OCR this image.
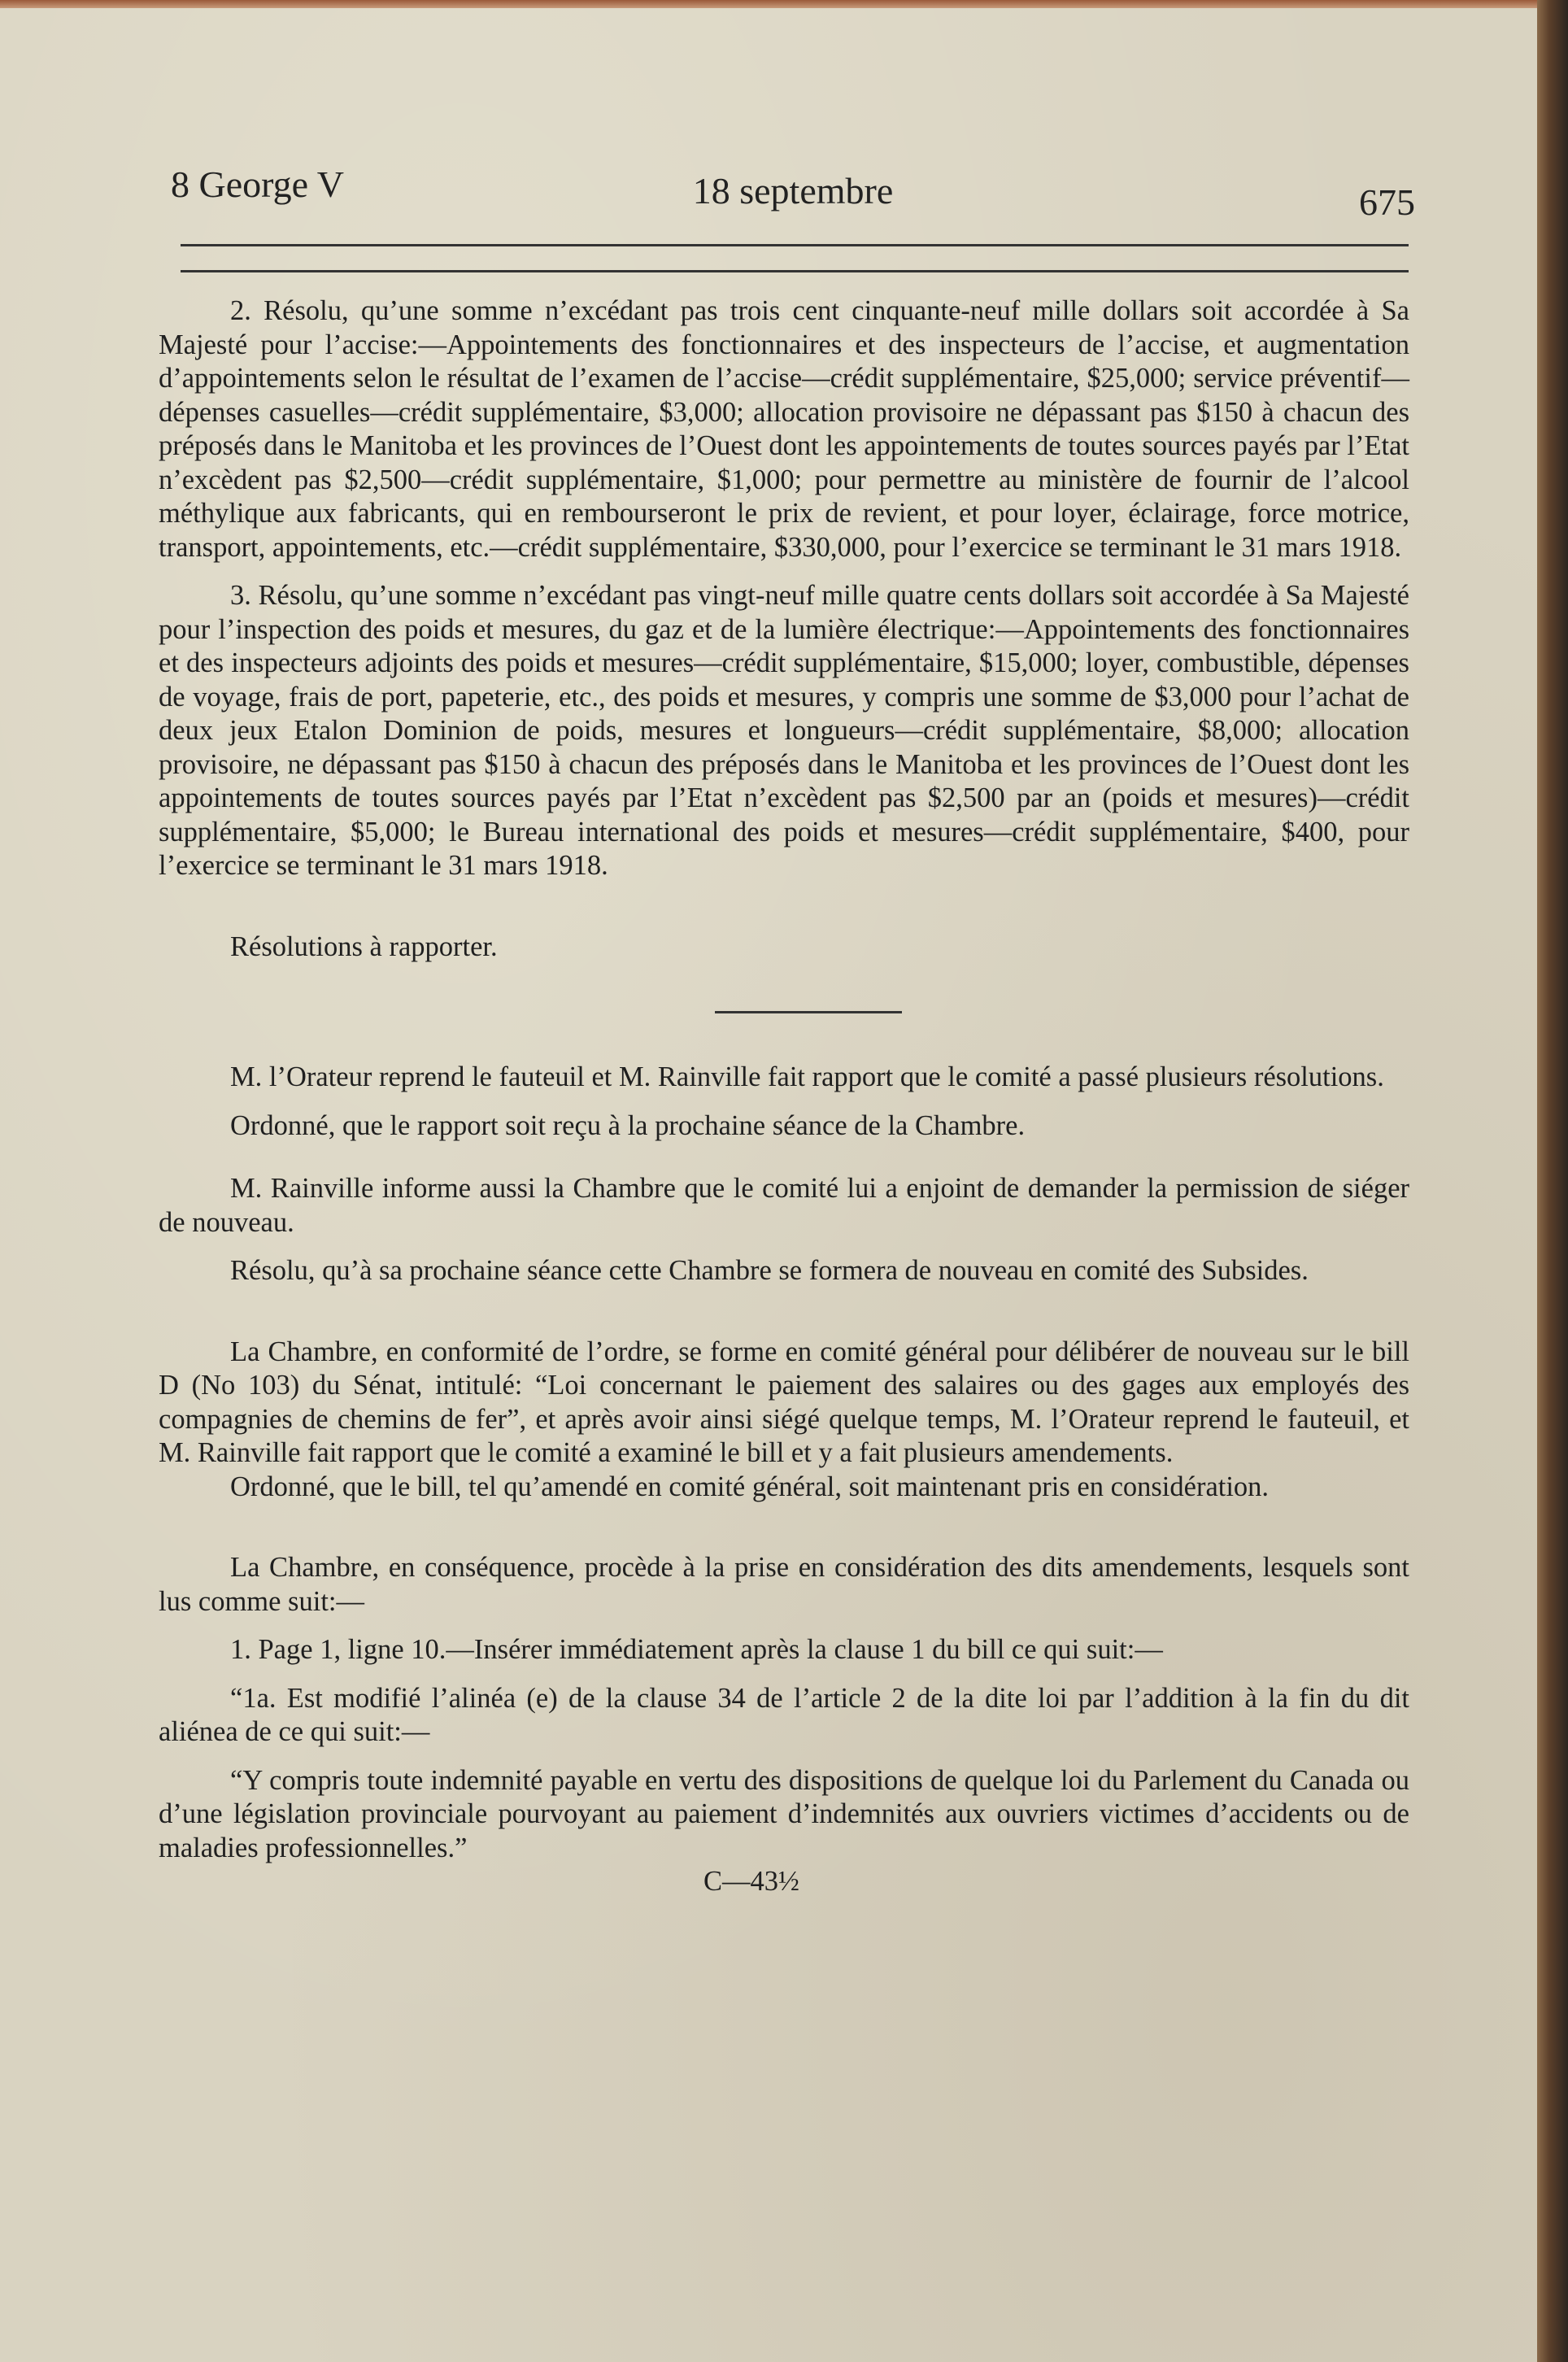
8 George V	18 septembre	675

2. Résolu, qu’une somme n’excédant pas trois cent cinquante-neuf mille dollars soit accordée à Sa Majesté pour l’accise:—Appointements des fonctionnaires et des inspecteurs de l’accise, et augmentation d’appointements selon le résultat de l’examen de l’accise—crédit supplémentaire, $25,000; service préventif—dépenses casuelles—crédit supplémentaire, $3,000; allocation provisoire ne dépassant pas $150 à chacun des préposés dans le Manitoba et les provinces de l’Ouest dont les appointements de toutes sources payés par l’Etat n’excèdent pas $2,500—crédit supplémentaire, $1,000; pour permettre au ministère de fournir de l’alcool méthylique aux fabricants, qui en rembourseront le prix de revient, et pour loyer, éclairage, force motrice, transport, appointements, etc.—crédit supplémentaire, $330,000, pour l’exercice se terminant le 31 mars 1918.

3. Résolu, qu’une somme n’excédant pas vingt-neuf mille quatre cents dollars soit accordée à Sa Majesté pour l’inspection des poids et mesures, du gaz et de la lumière électrique:—Appointements des fonctionnaires et des inspecteurs adjoints des poids et mesures—crédit supplémentaire, $15,000; loyer, combustible, dépenses de voyage, frais de port, papeterie, etc., des poids et mesures, y compris une somme de $3,000 pour l’achat de deux jeux Etalon Dominion de poids, mesures et longueurs—crédit supplémentaire, $8,000; allocation provisoire, ne dépassant pas $150 à chacun des préposés dans le Manitoba et les provinces de l’Ouest dont les appointements de toutes sources payés par l’Etat n’excèdent pas $2,500 par an (poids et mesures)—crédit supplémentaire, $5,000; le Bureau international des poids et mesures—crédit supplémentaire, $400, pour l’exercice se terminant le 31 mars 1918.

Résolutions à rapporter.

M. l’Orateur reprend le fauteuil et M. Rainville fait rapport que le comité a passé plusieurs résolutions.

Ordonné, que le rapport soit reçu à la prochaine séance de la Chambre.

M. Rainville informe aussi la Chambre que le comité lui a enjoint de demander la permission de siéger de nouveau.

Résolu, qu’à sa prochaine séance cette Chambre se formera de nouveau en comité des Subsides.

La Chambre, en conformité de l’ordre, se forme en comité général pour délibérer de nouveau sur le bill D (No 103) du Sénat, intitulé: “Loi concernant le paiement des salaires ou des gages aux employés des compagnies de chemins de fer”, et après avoir ainsi siégé quelque temps, M. l’Orateur reprend le fauteuil, et M. Rainville fait rapport que le comité a examiné le bill et y a fait plusieurs amendements.

Ordonné, que le bill, tel qu’amendé en comité général, soit maintenant pris en considération.

La Chambre, en conséquence, procède à la prise en considération des dits amendements, lesquels sont lus comme suit:—

1. Page 1, ligne 10.—Insérer immédiatement après la clause 1 du bill ce qui suit:—

“1a. Est modifié l’alinéa (e) de la clause 34 de l’article 2 de la dite loi par l’addition à la fin du dit aliénea de ce qui suit:—

“Y compris toute indemnité payable en vertu des dispositions de quelque loi du Parlement du Canada ou d’une législation provinciale pourvoyant au paiement d’indemnités aux ouvriers victimes d’accidents ou de maladies professionnelles.”

C—43½
